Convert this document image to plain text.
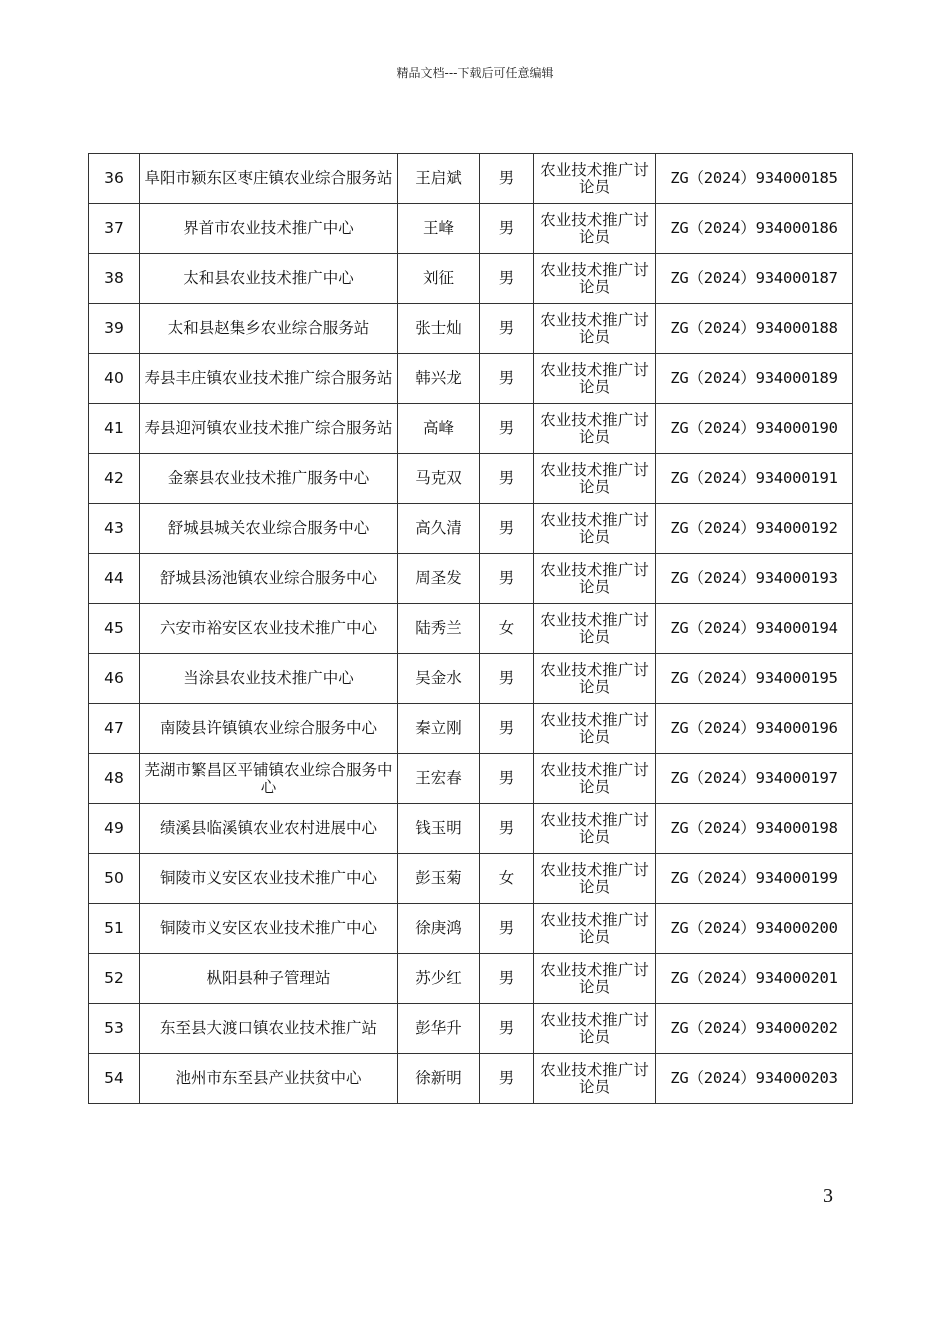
精品文档---下载后可任意编辑
36	阜阳市颍东区枣庄镇农业综合服务站	王启斌	男	农业技术推广讨论员	ZG（2024）934000185
37	界首市农业技术推广中心	王峰	男	农业技术推广讨论员	ZG（2024）934000186
38	太和县农业技术推广中心	刘征	男	农业技术推广讨论员	ZG（2024）934000187
39	太和县赵集乡农业综合服务站	张士灿	男	农业技术推广讨论员	ZG（2024）934000188
40	寿县丰庄镇农业技术推广综合服务站	韩兴龙	男	农业技术推广讨论员	ZG（2024）934000189
41	寿县迎河镇农业技术推广综合服务站	高峰	男	农业技术推广讨论员	ZG（2024）934000190
42	金寨县农业技术推广服务中心	马克双	男	农业技术推广讨论员	ZG（2024）934000191
43	舒城县城关农业综合服务中心	高久清	男	农业技术推广讨论员	ZG（2024）934000192
44	舒城县汤池镇农业综合服务中心	周圣发	男	农业技术推广讨论员	ZG（2024）934000193
45	六安市裕安区农业技术推广中心	陆秀兰	女	农业技术推广讨论员	ZG（2024）934000194
46	当涂县农业技术推广中心	吴金水	男	农业技术推广讨论员	ZG（2024）934000195
47	南陵县许镇镇农业综合服务中心	秦立刚	男	农业技术推广讨论员	ZG（2024）934000196
48	芜湖市繁昌区平铺镇农业综合服务中心	王宏春	男	农业技术推广讨论员	ZG（2024）934000197
49	绩溪县临溪镇农业农村进展中心	钱玉明	男	农业技术推广讨论员	ZG（2024）934000198
50	铜陵市义安区农业技术推广中心	彭玉菊	女	农业技术推广讨论员	ZG（2024）934000199
51	铜陵市义安区农业技术推广中心	徐庚鸿	男	农业技术推广讨论员	ZG（2024）934000200
52	枞阳县种子管理站	苏少红	男	农业技术推广讨论员	ZG（2024）934000201
53	东至县大渡口镇农业技术推广站	彭华升	男	农业技术推广讨论员	ZG（2024）934000202
54	池州市东至县产业扶贫中心	徐新明	男	农业技术推广讨论员	ZG（2024）934000203
3
